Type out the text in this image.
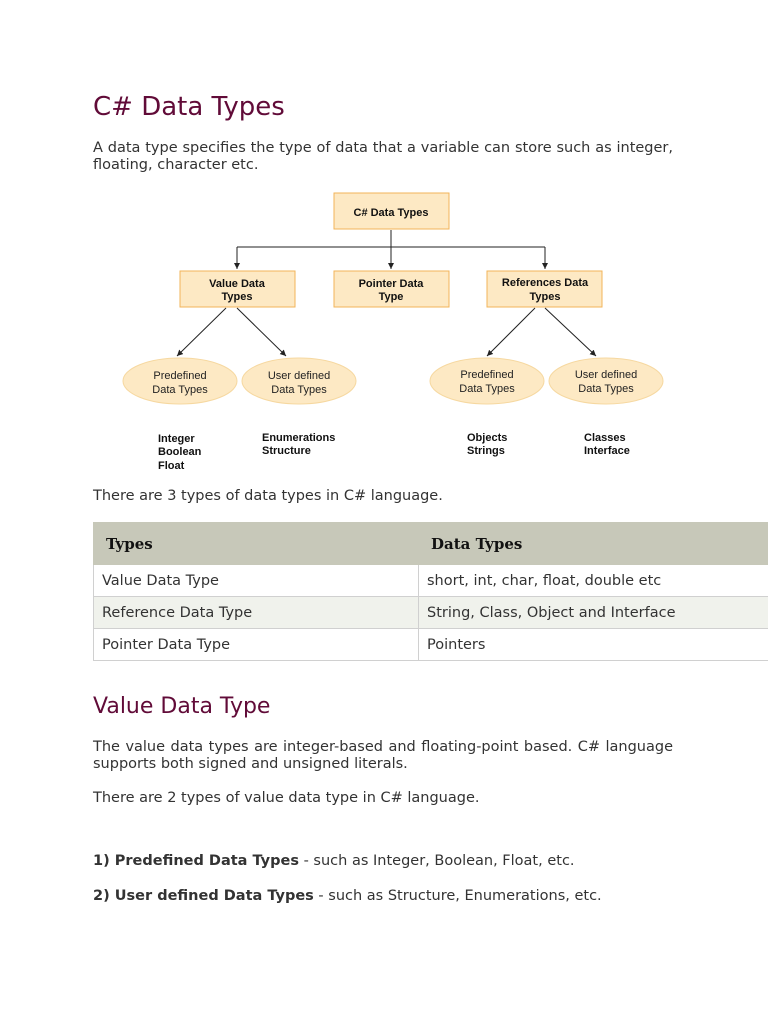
C# Data Types

A data type specifies the type of data that a variable can store such as integer, floating, character etc.

C# Data Types
Value Data
Types
Pointer Data
Type
References Data
Types
Predefined
Data Types
User defined
Data Types
Predefined
Data Types
User defined
Data Types
Integer
Boolean
Float
Enumerations
Structure
Objects
Strings
Classes
Interface

There are 3 types of data types in C# language.

Types	Data Types
Value Data Type	short, int, char, float, double etc
Reference Data Type	String, Class, Object and Interface
Pointer Data Type	Pointers
Value Data Type

The value data types are integer-based and floating-point based. C# language supports both signed and unsigned literals.

There are 2 types of value data type in C# language.

1) Predefined Data Types - such as Integer, Boolean, Float, etc.

2) User defined Data Types - such as Structure, Enumerations, etc.
